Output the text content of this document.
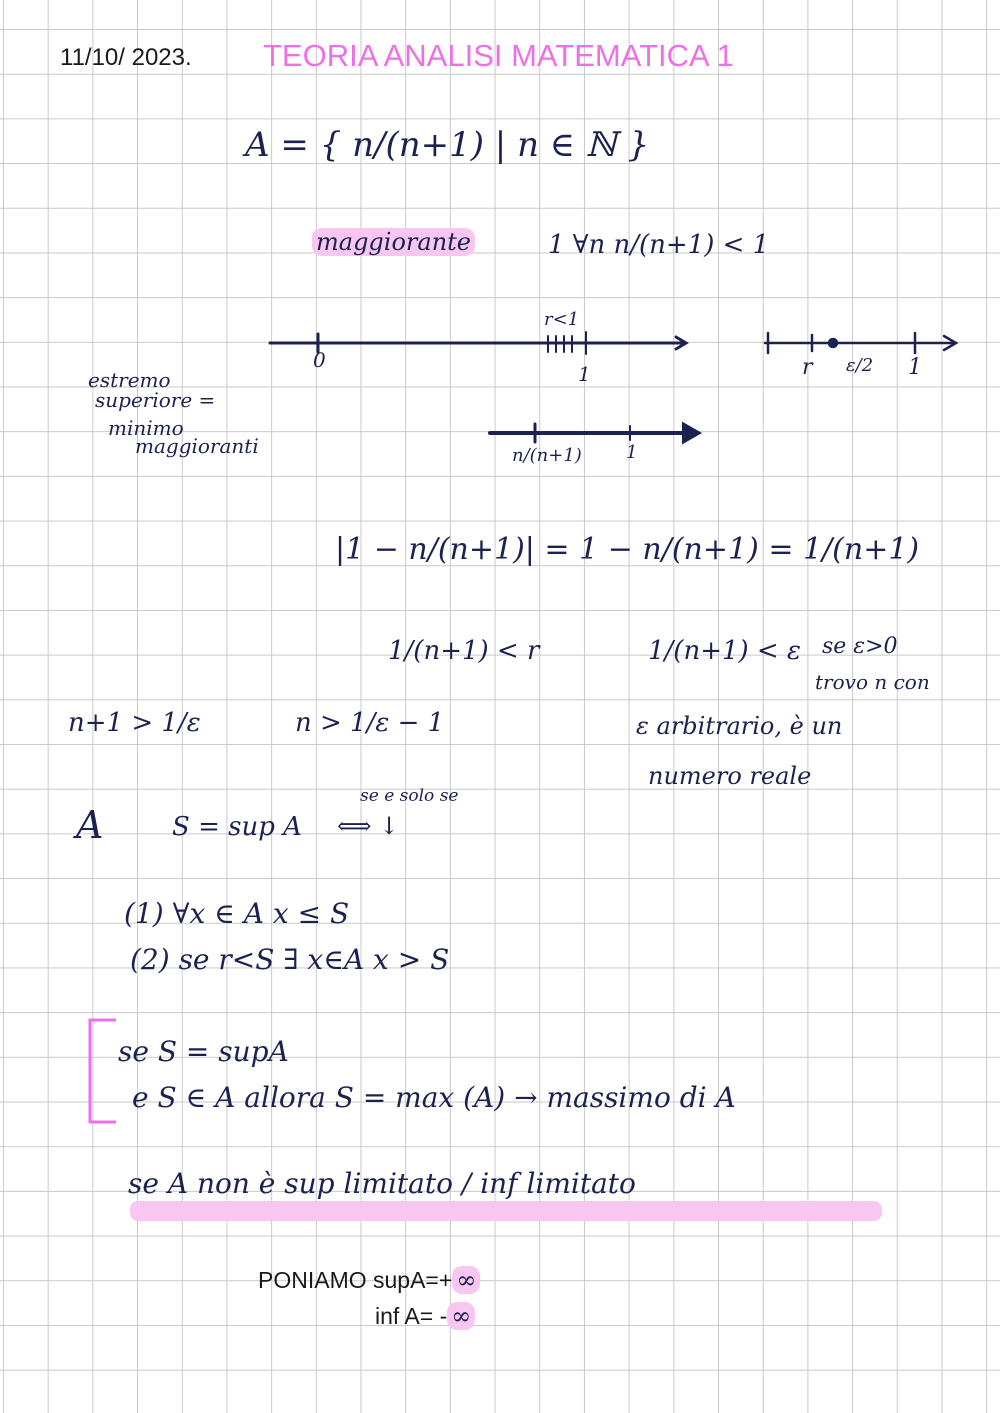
11/10/ 2023. TEORIA ANALISI MATEMATICA 1
A = { n/(n+1) | n ∈ ℕ }
maggiorante	1 ∀n n/(n+1) < 1
0
1
r<1
r ε/2 1
n/(n+1) 1
estremo
superiore =
minimo
maggioranti
|1 − n/(n+1)| = 1 − n/(n+1) = 1/(n+1)
1/(n+1) < r	1/(n+1) < ε
n+1 > 1/ε	n > 1/ε − 1
se ε>0
trovo n con
ε arbitrario, è un
numero reale
A	S = sup A ⟺ ↓
se e solo se
(1) ∀x ∈ A x ≤ S
(2) se r<S ∃ x∈A x > S
se S = supA
e S ∈ A allora S = max (A) → massimo di A
se A non è sup limitato / inf limitato
PONIAMO supA=+ ∞
inf A= - ∞
